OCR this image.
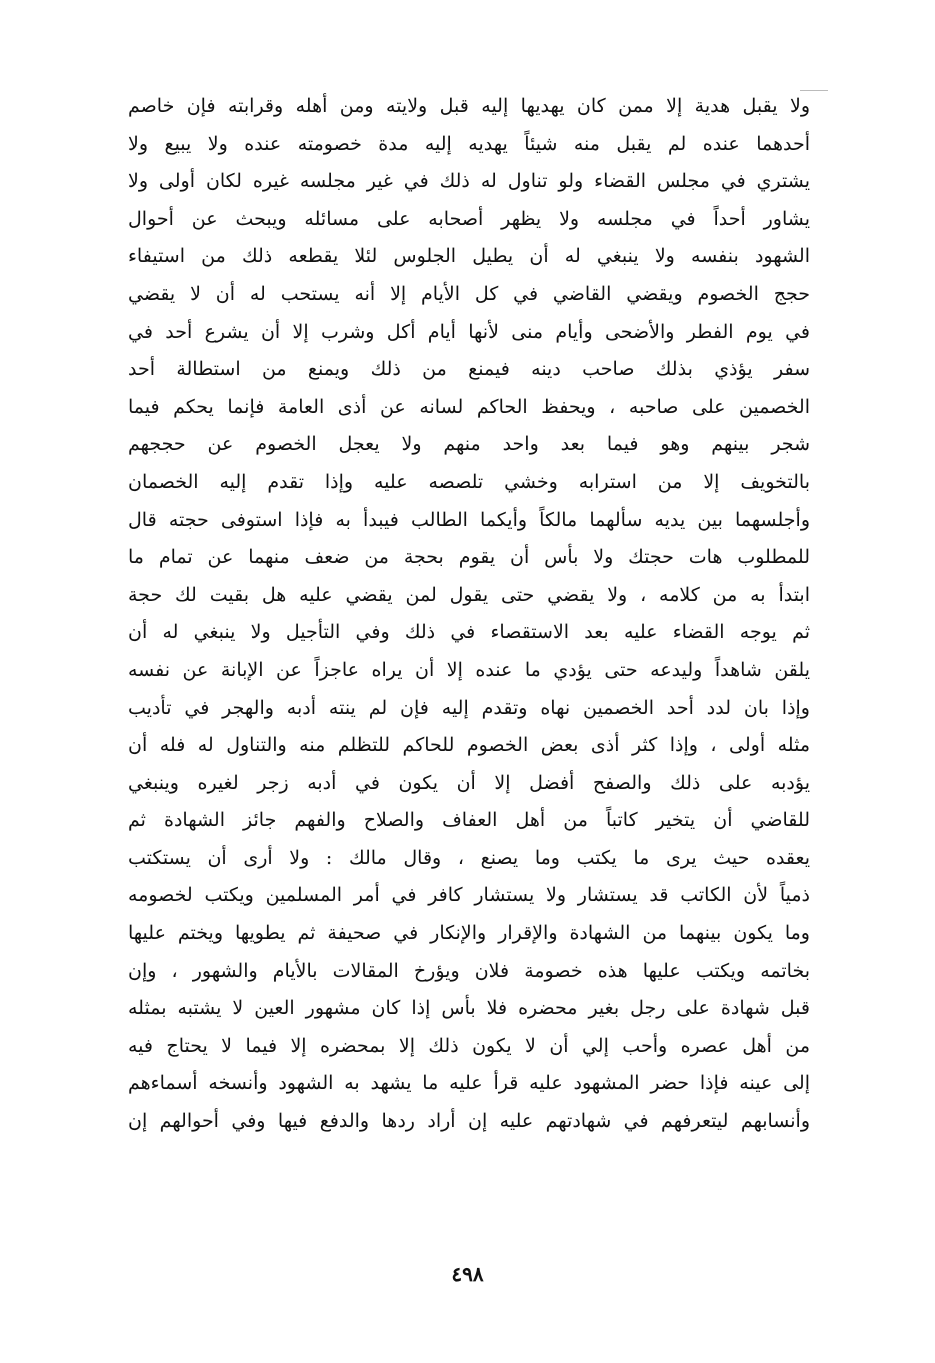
ولا يقبل هدية إلا ممن كان يهديها إليه قبل ولايته ومن أهله وقرابته فإن خاصم
أحدهما عنده لم يقبل منه شيئاً يهديه إليه مدة خصومته عنده ولا يبيع ولا
يشتري في مجلس القضاء ولو تناول له ذلك في غير مجلسه غيره لكان أولى ولا
يشاور أحداً في مجلسه ولا يظهر أصحابه على مسائله ويبحث عن أحوال
الشهود بنفسه ولا ينبغي له أن يطيل الجلوس لئلا يقطعه ذلك من استيفاء
حجج الخصوم ويقضي القاضي في كل الأيام إلا أنه يستحب له أن لا يقضي
في يوم الفطر والأضحى وأيام منى لأنها أيام أكل وشرب إلا أن يشرع أحد في
سفر يؤذي بذلك صاحب دينه فيمنع من ذلك ويمنع من استطالة أحد
الخصمين على صاحبه ، ويحفظ الحاكم لسانه عن أذى العامة فإنما يحكم فيما
شجر بينهم وهو فيما بعد واحد منهم ولا يعجل الخصوم عن حججهم
بالتخويف إلا من استرابه وخشي تلصصه عليه وإذا تقدم إليه الخصمان
وأجلسهما بين يديه سألهما مالكاً وأيكما الطالب فيبدأ به فإذا استوفى حجته قال
للمطلوب هات حجتك ولا بأس أن يقوم بحجة من ضعف منهما عن تمام ما
ابتدأ به من كلامه ، ولا يقضي حتى يقول لمن يقضي عليه هل بقيت لك حجة
ثم يوجه القضاء عليه بعد الاستقصاء في ذلك وفي التأجيل ولا ينبغي له أن
يلقن شاهداً وليدعه حتى يؤدي ما عنده إلا أن يراه عاجزاً عن الإبانة عن نفسه
وإذا بان لدد أحد الخصمين نهاه وتقدم إليه فإن لم ينته أدبه والهجر في تأديب
مثله أولى ، وإذا كثر أذى بعض الخصوم للحاكم للتظلم منه والتناول له فله أن
يؤدبه على ذلك والصفح أفضل إلا أن يكون في أدبه زجر لغيره وينبغي
للقاضي أن يتخير كاتباً من أهل العفاف والصلاح والفهم جائز الشهادة ثم
يعقده حيث يرى ما يكتب وما يصنع ، وقال مالك : ولا أرى أن يستكتب
ذمياً لأن الكاتب قد يستشار ولا يستشار كافر في أمر المسلمين ويكتب لخصومه
وما يكون بينهما من الشهادة والإقرار والإنكار في صحيفة ثم يطويها ويختم عليها
بخاتمه ويكتب عليها هذه خصومة فلان ويؤرخ المقالات بالأيام والشهور ، وإن
قبل شهادة على رجل بغير محضره فلا بأس إذا كان مشهور العين لا يشتبه بمثله
من أهل عصره وأحب إلي أن لا يكون ذلك إلا بمحضره إلا فيما لا يحتاج فيه
إلى عينه فإذا حضر المشهود عليه قرأ عليه ما يشهد به الشهود وأنسخه أسماءهم
وأنسابهم ليتعرفهم في شهادتهم عليه إن أراد ردها والدفع فيها وفي أحوالهم إن
٤٩٨
